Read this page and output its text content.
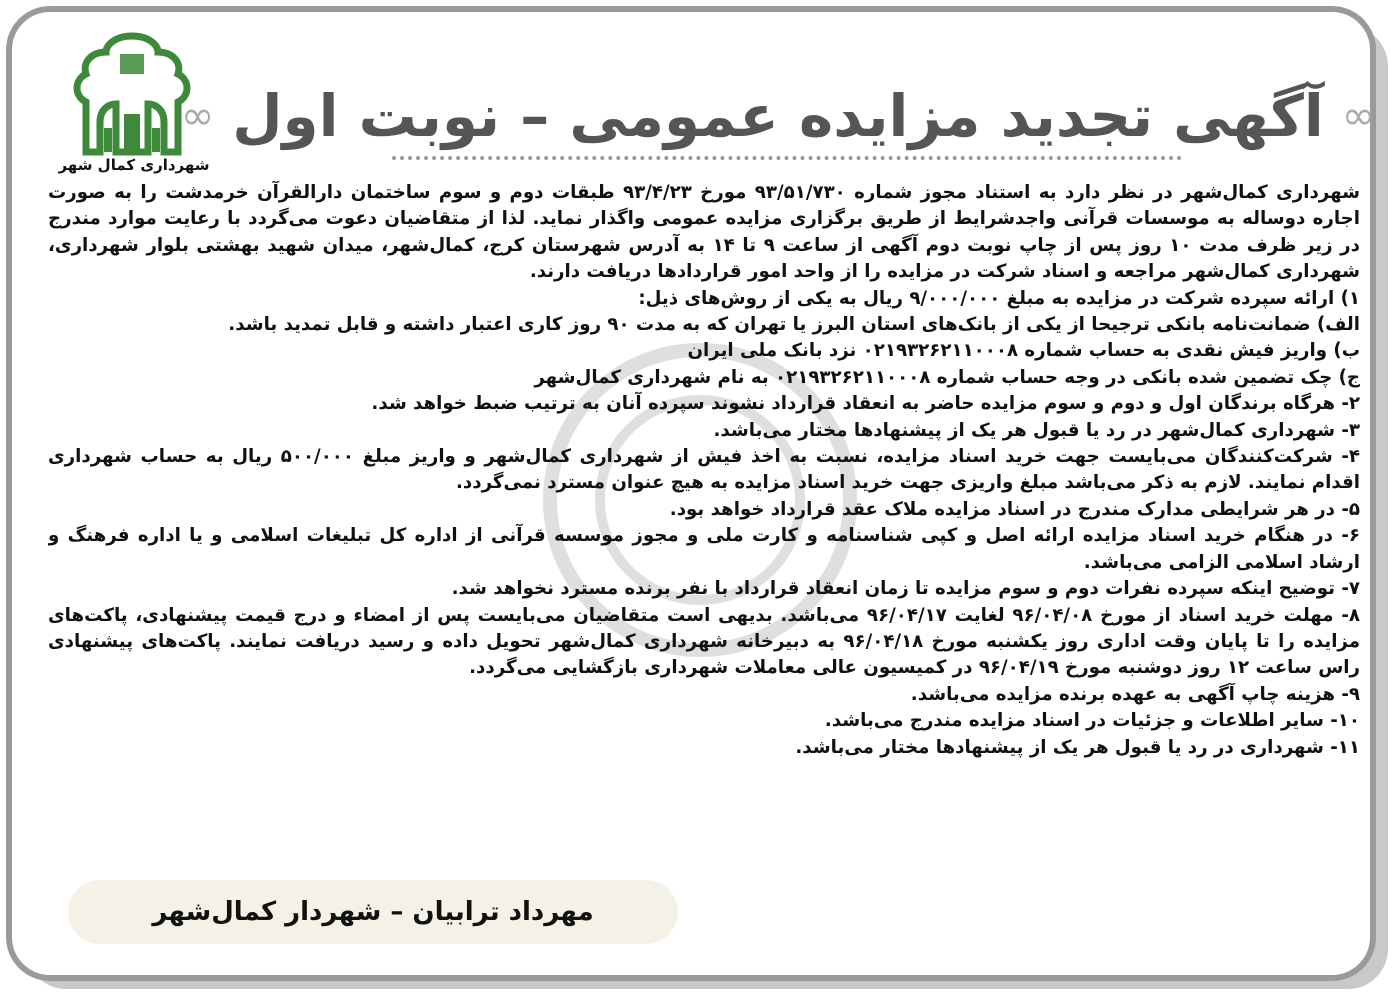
شهرداری کمال شهر
∞ آگهی تجدید مزایده عمومی – نوبت اول ∞

شهرداری کمال‌شهر در نظر دارد به استناد مجوز شماره ۹۳/۵۱/۷۳۰ مورخ ۹۳/۴/۲۳ طبقات دوم و سوم ساختمان دارالقرآن خرمدشت را به صورت اجاره دوساله به موسسات قرآنی واجدشرایط از طریق برگزاری مزایده عمومی واگذار نماید. لذا از متقاضیان دعوت می‌گردد با رعایت موارد مندرج در زیر ظرف مدت ۱۰ روز پس از چاپ نوبت دوم آگهی از ساعت ۹ تا ۱۴ به آدرس شهرستان کرج، کمال‌شهر، میدان شهید بهشتی بلوار شهرداری، شهرداری کمال‌شهر مراجعه و اسناد شرکت در مزایده را از واحد امور قراردادها دریافت دارند.

۱) ارائه سپرده شرکت در مزایده به مبلغ ۹/۰۰۰/۰۰۰ ریال به یکی از روش‌های ذیل:

الف) ضمانت‌نامه بانکی ترجیحا از یکی از بانک‌های استان البرز یا تهران که به مدت ۹۰ روز کاری اعتبار داشته و قابل تمدید باشد.

ب) واریز فیش نقدی به حساب شماره ۰۲۱۹۳۲۶۲۱۱۰۰۰۸ نزد بانک ملی ایران

ج) چک تضمین شده بانکی در وجه حساب شماره ۰۲۱۹۳۲۶۲۱۱۰۰۰۸ به نام شهرداری کمال‌شهر

۲- هرگاه برندگان اول و دوم و سوم مزایده حاضر به انعقاد قرارداد نشوند سپرده آنان به ترتیب ضبط خواهد شد.

۳- شهرداری کمال‌شهر در رد یا قبول هر یک از پیشنهادها مختار می‌باشد.

۴- شرکت‌کنندگان می‌بایست جهت خرید اسناد مزایده، نسبت به اخذ فیش از شهرداری کمال‌شهر و واریز مبلغ ۵۰۰/۰۰۰ ریال به حساب شهرداری اقدام نمایند. لازم به ذکر می‌باشد مبلغ واریزی جهت خرید اسناد مزایده به هیچ عنوان مسترد نمی‌گردد.

۵- در هر شرایطی مدارک مندرج در اسناد مزایده ملاک عقد قرارداد خواهد بود.

۶- در هنگام خرید اسناد مزایده ارائه اصل و کپی شناسنامه و کارت ملی و مجوز موسسه قرآنی از اداره کل تبلیغات اسلامی و یا اداره فرهنگ و ارشاد اسلامی الزامی می‌باشد.

۷- توضیح اینکه سپرده نفرات دوم و سوم مزایده تا زمان انعقاد قرارداد با نفر برنده مسترد نخواهد شد.

۸- مهلت خرید اسناد از مورخ ۹۶/۰۴/۰۸ لغایت ۹۶/۰۴/۱۷ می‌باشد. بدیهی است متقاضیان می‌بایست پس از امضاء و درج قیمت پیشنهادی، پاکت‌های مزایده را تا پایان وقت اداری روز یکشنبه مورخ ۹۶/۰۴/۱۸ به دبیرخانه شهرداری کمال‌شهر تحویل داده و رسید دریافت نمایند. پاکت‌های پیشنهادی راس ساعت ۱۲ روز دوشنبه مورخ ۹۶/۰۴/۱۹ در کمیسیون عالی معاملات شهرداری بازگشایی می‌گردد.

۹- هزینه چاپ آگهی به عهده برنده مزایده می‌باشد.

۱۰- سایر اطلاعات و جزئیات در اسناد مزایده مندرج می‌باشد.

۱۱- شهرداری در رد یا قبول هر یک از پیشنهادها مختار می‌باشد.

مهرداد ترابیان – شهردار کمال‌شهر
